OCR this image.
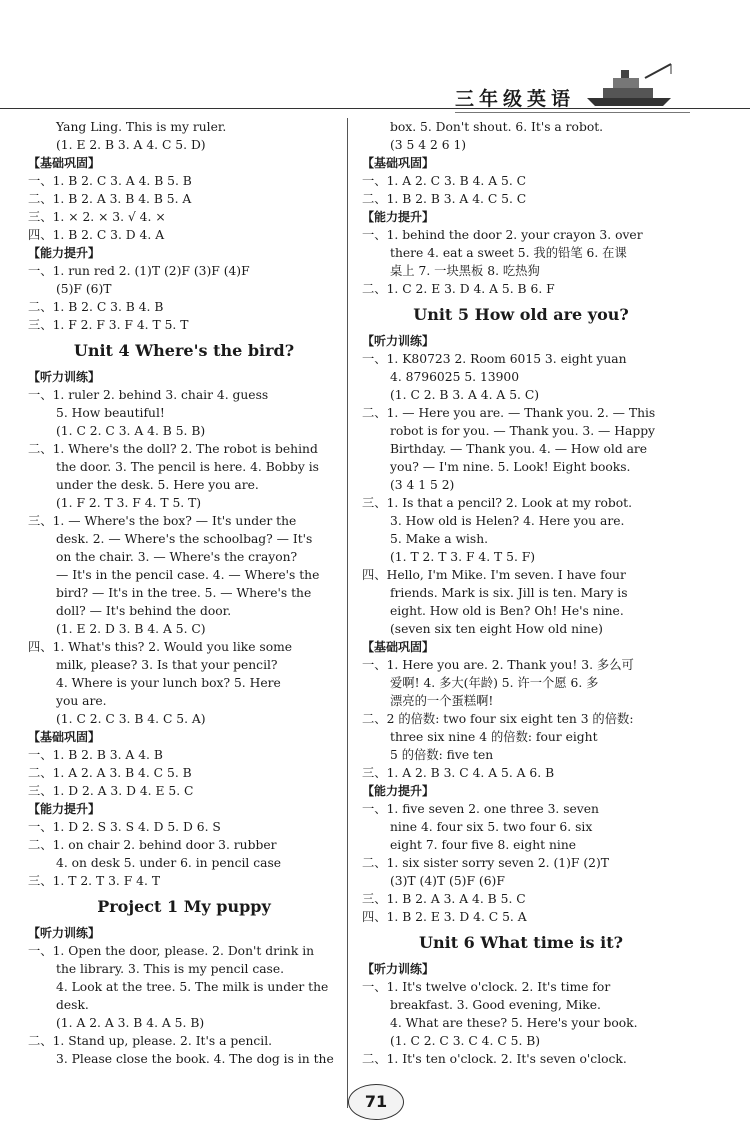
三年级英语
Yang Ling. This is my ruler.
(1. E 2. B 3. A 4. C 5. D)
【基础巩固】
一、1. B 2. C 3. A 4. B 5. B
二、1. B 2. A 3. B 4. B 5. A
三、1. × 2. × 3. √ 4. ×
四、1. B 2. C 3. D 4. A
【能力提升】
一、1. run red 2. (1)T (2)F (3)F (4)F
(5)F (6)T
二、1. B 2. C 3. B 4. B
三、1. F 2. F 3. F 4. T 5. T
Unit 4 Where's the bird?
【听力训练】
一、1. ruler 2. behind 3. chair 4. guess
5. How beautiful!
(1. C 2. C 3. A 4. B 5. B)
二、1. Where's the doll? 2. The robot is behind
the door. 3. The pencil is here. 4. Bobby is
under the desk. 5. Here you are.
(1. F 2. T 3. F 4. T 5. T)
三、1. — Where's the box? — It's under the
desk. 2. — Where's the schoolbag? — It's
on the chair. 3. — Where's the crayon?
— It's in the pencil case. 4. — Where's the
bird? — It's in the tree. 5. — Where's the
doll? — It's behind the door.
(1. E 2. D 3. B 4. A 5. C)
四、1. What's this? 2. Would you like some
milk, please? 3. Is that your pencil?
4. Where is your lunch box? 5. Here
you are.
(1. C 2. C 3. B 4. C 5. A)
【基础巩固】
一、1. B 2. B 3. A 4. B
二、1. A 2. A 3. B 4. C 5. B
三、1. D 2. A 3. D 4. E 5. C
【能力提升】
一、1. D 2. S 3. S 4. D 5. D 6. S
二、1. on chair 2. behind door 3. rubber
4. on desk 5. under 6. in pencil case
三、1. T 2. T 3. F 4. T
Project 1 My puppy
【听力训练】
一、1. Open the door, please. 2. Don't drink in
the library. 3. This is my pencil case.
4. Look at the tree. 5. The milk is under the
desk.
(1. A 2. A 3. B 4. A 5. B)
二、1. Stand up, please. 2. It's a pencil.
3. Please close the book. 4. The dog is in the
box. 5. Don't shout. 6. It's a robot.
(3 5 4 2 6 1)
【基础巩固】
一、1. A 2. C 3. B 4. A 5. C
二、1. B 2. B 3. A 4. C 5. C
【能力提升】
一、1. behind the door 2. your crayon 3. over
there 4. eat a sweet 5. 我的铅笔 6. 在课
桌上 7. 一块黑板 8. 吃热狗
二、1. C 2. E 3. D 4. A 5. B 6. F
Unit 5 How old are you?
【听力训练】
一、1. K80723 2. Room 6015 3. eight yuan
4. 8796025 5. 13900
(1. C 2. B 3. A 4. A 5. C)
二、1. — Here you are. — Thank you. 2. — This
robot is for you. — Thank you. 3. — Happy
Birthday. — Thank you. 4. — How old are
you? — I'm nine. 5. Look! Eight books.
(3 4 1 5 2)
三、1. Is that a pencil? 2. Look at my robot.
3. How old is Helen? 4. Here you are.
5. Make a wish.
(1. T 2. T 3. F 4. T 5. F)
四、Hello, I'm Mike. I'm seven. I have four
friends. Mark is six. Jill is ten. Mary is
eight. How old is Ben? Oh! He's nine.
(seven six ten eight How old nine)
【基础巩固】
一、1. Here you are. 2. Thank you! 3. 多么可
爱啊! 4. 多大(年龄) 5. 许一个愿 6. 多
漂亮的一个蛋糕啊!
二、2 的倍数: two four six eight ten 3 的倍数:
three six nine 4 的倍数: four eight
5 的倍数: five ten
三、1. A 2. B 3. C 4. A 5. A 6. B
【能力提升】
一、1. five seven 2. one three 3. seven
nine 4. four six 5. two four 6. six
eight 7. four five 8. eight nine
二、1. six sister sorry seven 2. (1)F (2)T
(3)T (4)T (5)F (6)F
三、1. B 2. A 3. A 4. B 5. C
四、1. B 2. E 3. D 4. C 5. A
Unit 6 What time is it?
【听力训练】
一、1. It's twelve o'clock. 2. It's time for
breakfast. 3. Good evening, Mike.
4. What are these? 5. Here's your book.
(1. C 2. C 3. C 4. C 5. B)
二、1. It's ten o'clock. 2. It's seven o'clock.
71
